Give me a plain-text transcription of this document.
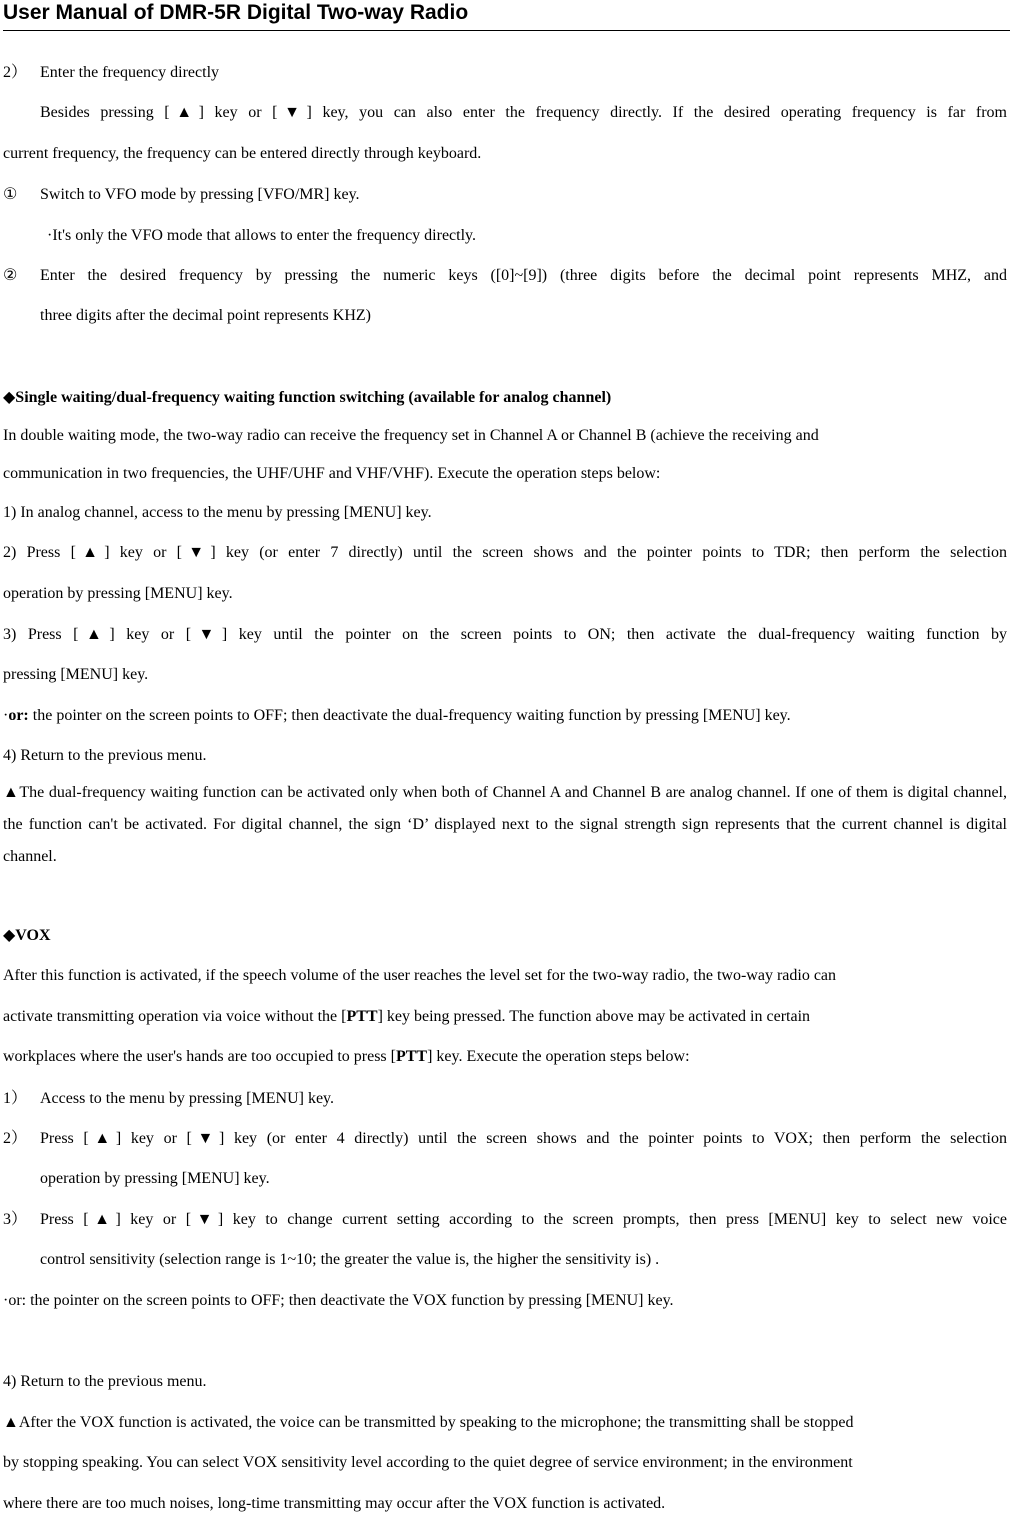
User Manual of DMR-5R Digital Two-way Radio
2） Enter the frequency directly
Besides pressing [▲] key or [▼] key, you can also enter the frequency directly. If the desired operating frequency is far from
current frequency, the frequency can be entered directly through keyboard.
① Switch to VFO mode by pressing [VFO/MR] key.
·It's only the VFO mode that allows to enter the frequency directly.
② Enter the desired frequency by pressing the numeric keys ([0]~[9]) (three digits before the decimal point represents MHZ, and
three digits after the decimal point represents KHZ)
◆Single waiting/dual-frequency waiting function switching (available for analog channel)
In double waiting mode, the two-way radio can receive the frequency set in Channel A or Channel B (achieve the receiving and
communication in two frequencies, the UHF/UHF and VHF/VHF). Execute the operation steps below:
1) In analog channel, access to the menu by pressing [MENU] key.
2) Press [▲] key or [▼] key (or enter 7 directly) until the screen shows and the pointer points to TDR; then perform the selection
operation by pressing [MENU] key.
3) Press [▲] key or [▼] key until the pointer on the screen points to ON; then activate the dual-frequency waiting function by
pressing [MENU] key.
·or: the pointer on the screen points to OFF; then deactivate the dual-frequency waiting function by pressing [MENU] key.
4) Return to the previous menu.
▲The dual-frequency waiting function can be activated only when both of Channel A and Channel B are analog channel. If one of them is digital channel, the function can't be activated. For digital channel, the sign ‘D’ displayed next to the signal strength sign represents that the current channel is digital channel.
◆VOX
After this function is activated, if the speech volume of the user reaches the level set for the two-way radio, the two-way radio can
activate transmitting operation via voice without the [PTT] key being pressed. The function above may be activated in certain
workplaces where the user's hands are too occupied to press [PTT] key. Execute the operation steps below:
1） Access to the menu by pressing [MENU] key.
2） Press [▲] key or [▼] key (or enter 4 directly) until the screen shows and the pointer points to VOX; then perform the selection
operation by pressing [MENU] key.
3） Press [▲] key or [▼] key to change current setting according to the screen prompts, then press [MENU] key to select new voice
control sensitivity (selection range is 1~10; the greater the value is, the higher the sensitivity is) .
·or: the pointer on the screen points to OFF; then deactivate the VOX function by pressing [MENU] key.
4) Return to the previous menu.
▲After the VOX function is activated, the voice can be transmitted by speaking to the microphone; the transmitting shall be stopped
by stopping speaking. You can select VOX sensitivity level according to the quiet degree of service environment; in the environment
where there are too much noises, long-time transmitting may occur after the VOX function is activated.
